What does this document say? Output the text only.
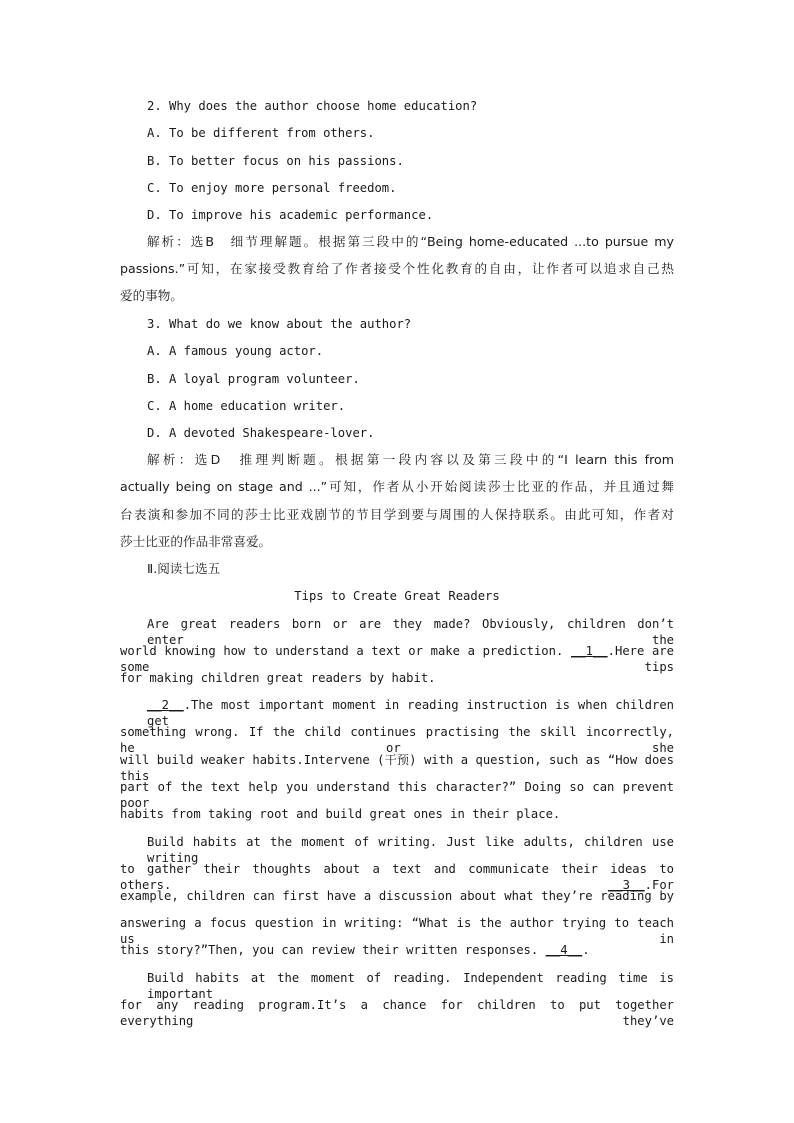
2. Why does the author choose home education?
A. To be different from others.
B. To better focus on his passions.
C. To enjoy more personal freedom.
D. To improve his academic performance.
解析：选B　细节理解题。根据第三段中的“Being home-educated ...to pursue my
passions.”可知，在家接受教育给了作者接受个性化教育的自由，让作者可以追求自己热
爱的事物。
3. What do we know about the author?
A. A famous young actor.
B. A loyal program volunteer.
C. A home education writer.
D. A devoted Shakespeare-lover.
解析：选D　推理判断题。根据第一段内容以及第三段中的“I learn this from
actually being on stage and ...”可知，作者从小开始阅读莎士比亚的作品，并且通过舞
台表演和参加不同的莎士比亚戏剧节的节目学到要与周围的人保持联系。由此可知，作者对
莎士比亚的作品非常喜爱。
Ⅱ.阅读七选五
Tips to Create Great Readers
Are great readers born or are they made? Obviously, children don’t enter the
world knowing how to understand a text or make a prediction. __1__.Here are some tips
for making children great readers by habit.
__2__.The most important moment in reading instruction is when children get
something wrong. If the child continues practising the skill incorrectly, he or she
will build weaker habits.Intervene (干预) with a question, such as “How does this
part of the text help you understand this character?” Doing so can prevent poor
habits from taking root and build great ones in their place.
Build habits at the moment of writing. Just like adults, children use writing
to gather their thoughts about a text and communicate their ideas to others. __3__.For
example, children can first have a discussion about what they’re reading by
answering a focus question in writing: “What is the author trying to teach us in
this story?”Then, you can review their written responses. __4__.
Build habits at the moment of reading. Independent reading time is important
for any reading program.It’s a chance for children to put together everything they’ve
